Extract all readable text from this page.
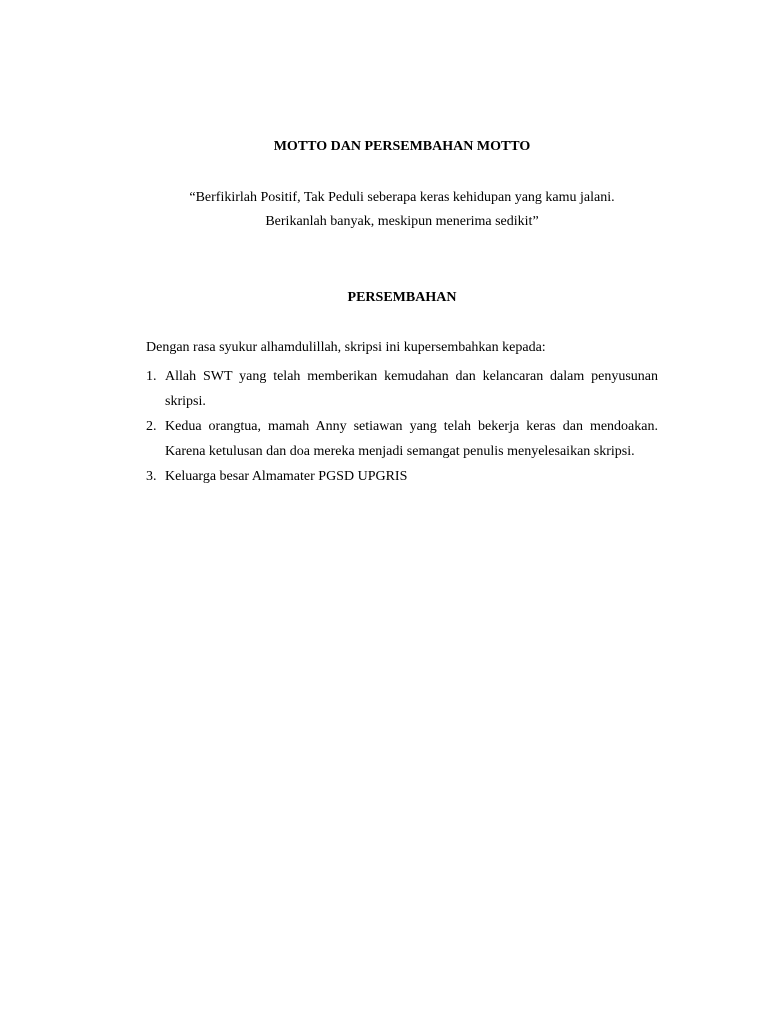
MOTTO DAN PERSEMBAHAN MOTTO
“Berfikirlah Positif, Tak Peduli seberapa keras kehidupan yang kamu jalani.
Berikanlah banyak, meskipun menerima sedikit”
PERSEMBAHAN
Dengan rasa syukur alhamdulillah, skripsi ini kupersembahkan kepada:
1. Allah SWT yang telah memberikan kemudahan dan kelancaran dalam penyusunan skripsi.
2. Kedua orangtua, mamah Anny setiawan yang telah bekerja keras dan mendoakan. Karena ketulusan dan doa mereka menjadi semangat penulis menyelesaikan skripsi.
3. Keluarga besar Almamater PGSD UPGRIS
